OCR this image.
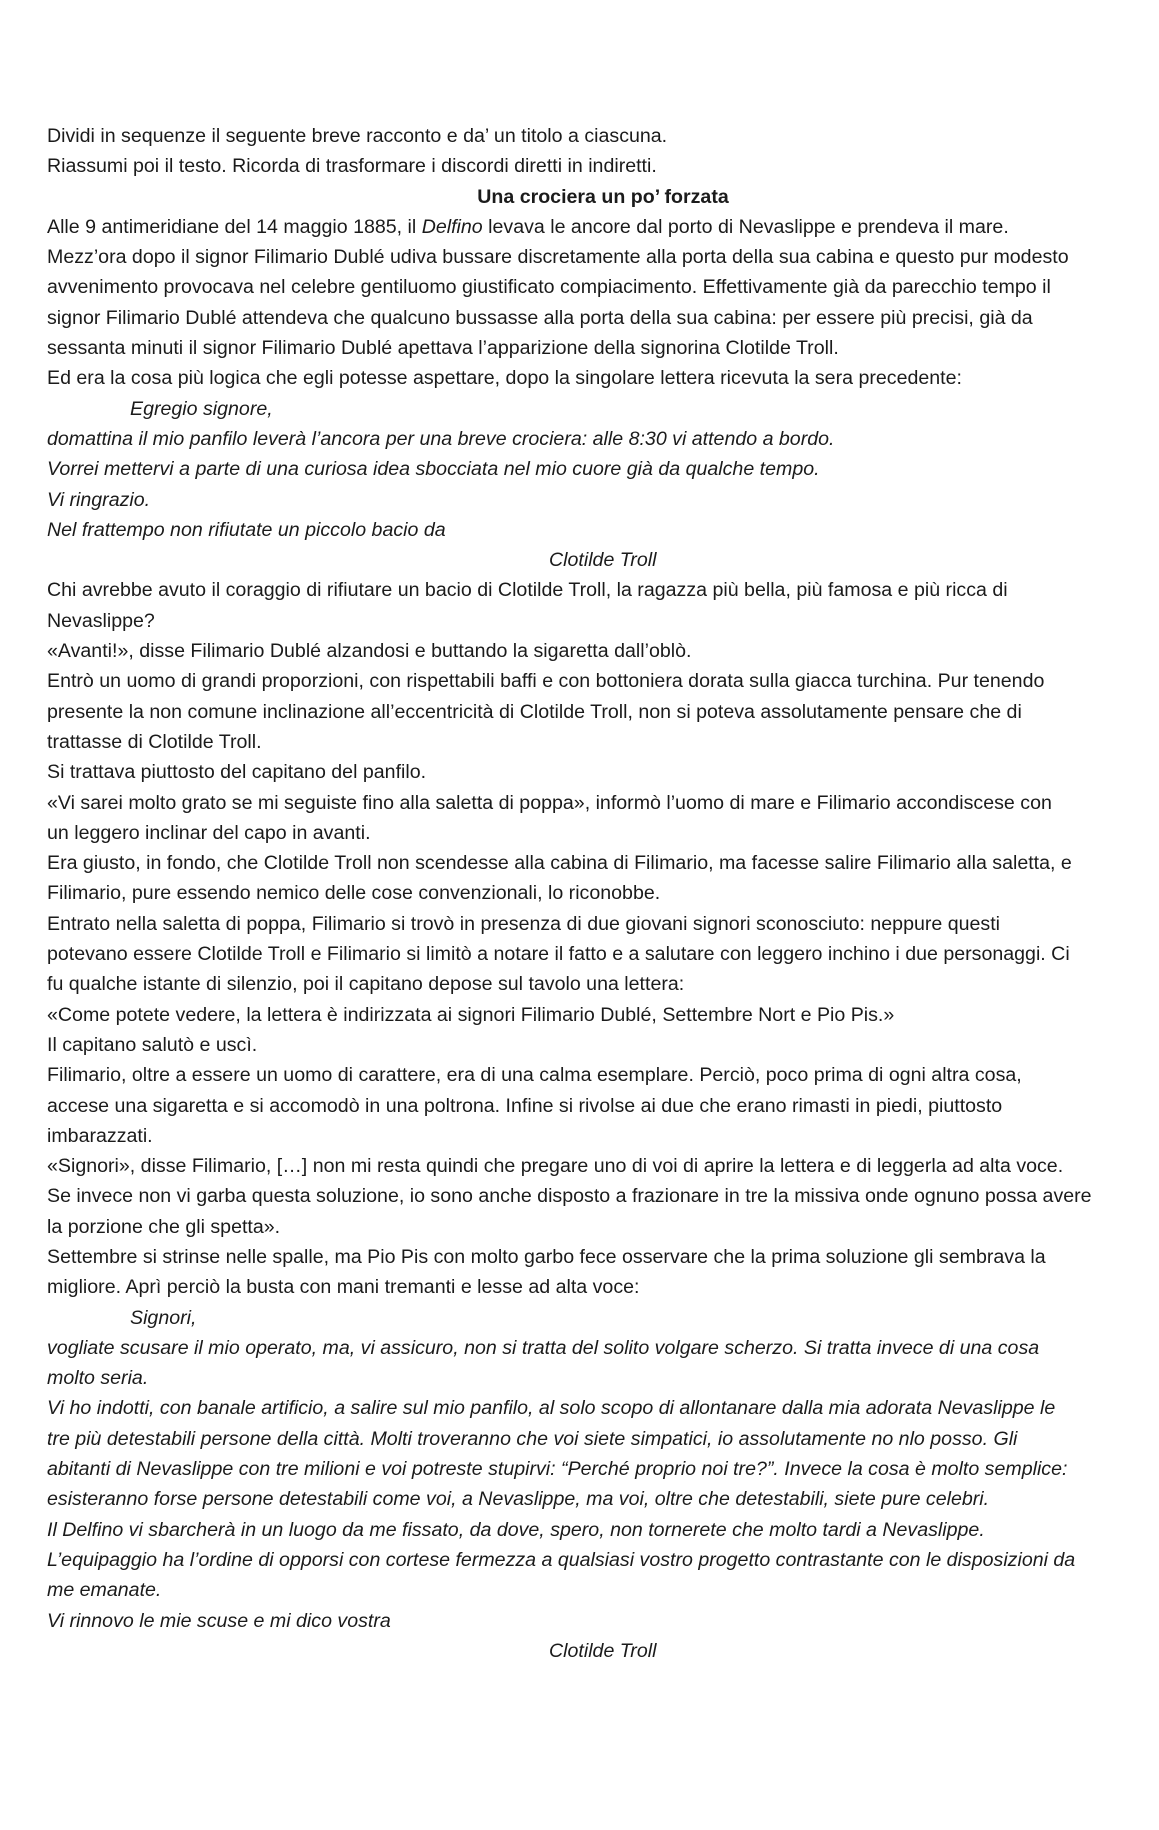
Dividi in sequenze il seguente breve racconto e da’ un titolo a ciascuna.
Riassumi poi il testo. Ricorda di trasformare i discordi diretti in indiretti.
Una crociera un po’ forzata
Alle 9 antimeridiane del 14 maggio 1885, il Delfino levava le ancore dal porto di Nevaslippe e prendeva il mare.
Mezz’ora dopo il signor Filimario Dublé udiva bussare discretamente alla porta della sua cabina e questo pur modesto
avvenimento provocava nel celebre gentiluomo giustificato compiacimento. Effettivamente già da parecchio tempo il
signor Filimario Dublé attendeva che qualcuno bussasse alla porta della sua cabina: per essere più precisi, già da
sessanta minuti il signor Filimario Dublé apettava l’apparizione della signorina Clotilde Troll.
Ed era la cosa più logica che egli potesse aspettare, dopo la singolare lettera ricevuta la sera precedente:
Egregio signore,
domattina il mio panfilo leverà l’ancora per una breve crociera: alle 8:30 vi attendo a bordo.
Vorrei mettervi a parte di una curiosa idea sbocciata nel mio cuore già da qualche tempo.
Vi ringrazio.
Nel frattempo non rifiutate un piccolo bacio da
Clotilde Troll
Chi avrebbe avuto il coraggio di rifiutare un bacio di Clotilde Troll, la ragazza più bella, più famosa e più ricca di
Nevaslippe?
«Avanti!», disse Filimario Dublé alzandosi e buttando la sigaretta dall’oblò.
Entrò un uomo di grandi proporzioni, con rispettabili baffi e con bottoniera dorata sulla giacca turchina. Pur tenendo
presente la non comune inclinazione all’eccentricità di Clotilde Troll, non si poteva assolutamente pensare che di
trattasse di Clotilde Troll.
Si trattava piuttosto del capitano del panfilo.
«Vi sarei molto grato se mi seguiste fino alla saletta di poppa», informò l’uomo di mare e Filimario accondiscese con
un leggero inclinar del capo in avanti.
Era giusto, in fondo, che Clotilde Troll non scendesse alla cabina di Filimario, ma facesse salire Filimario alla saletta, e
Filimario, pure essendo nemico delle cose convenzionali, lo riconobbe.
Entrato nella saletta di poppa, Filimario si trovò in presenza di due giovani signori sconosciuto: neppure questi
potevano essere Clotilde Troll e Filimario si limitò a notare il fatto e a salutare con leggero inchino i due personaggi. Ci
fu qualche istante di silenzio, poi il capitano depose sul tavolo una lettera:
«Come potete vedere, la lettera è indirizzata ai signori Filimario Dublé, Settembre Nort e Pio Pis.»
Il capitano salutò e uscì.
Filimario, oltre a essere un uomo di carattere, era di una calma esemplare. Perciò, poco prima di ogni altra cosa,
accese una sigaretta e si accomodò in una poltrona. Infine si rivolse ai due che erano rimasti in piedi, piuttosto
imbarazzati.
«Signori», disse Filimario, […] non mi resta quindi che pregare uno di voi di aprire la lettera e di leggerla ad alta voce.
Se invece non vi garba questa soluzione, io sono anche disposto a frazionare in tre la missiva onde ognuno possa avere
la porzione che gli spetta».
Settembre si strinse nelle spalle, ma Pio Pis con molto garbo fece osservare che la prima soluzione gli sembrava la
migliore. Aprì perciò la busta con mani tremanti e lesse ad alta voce:
Signori,
vogliate scusare il mio operato, ma, vi assicuro, non si tratta del solito volgare scherzo. Si tratta invece di una cosa
molto seria.
Vi ho indotti, con banale artificio, a salire sul mio panfilo, al solo scopo di allontanare dalla mia adorata Nevaslippe le
tre più detestabili persone della città. Molti troveranno che voi siete simpatici, io assolutamente no nlo posso. Gli
abitanti di Nevaslippe con tre milioni e voi potreste stupirvi: “Perché proprio noi tre?”. Invece la cosa è molto semplice:
esisteranno forse persone detestabili come voi, a Nevaslippe, ma voi, oltre che detestabili, siete pure celebri.
Il Delfino vi sbarcherà in un luogo da me fissato, da dove, spero, non tornerete che molto tardi a Nevaslippe.
L’equipaggio ha l’ordine di opporsi con cortese fermezza a qualsiasi vostro progetto contrastante con le disposizioni da
me emanate.
Vi rinnovo le mie scuse e mi dico vostra
Clotilde Troll
